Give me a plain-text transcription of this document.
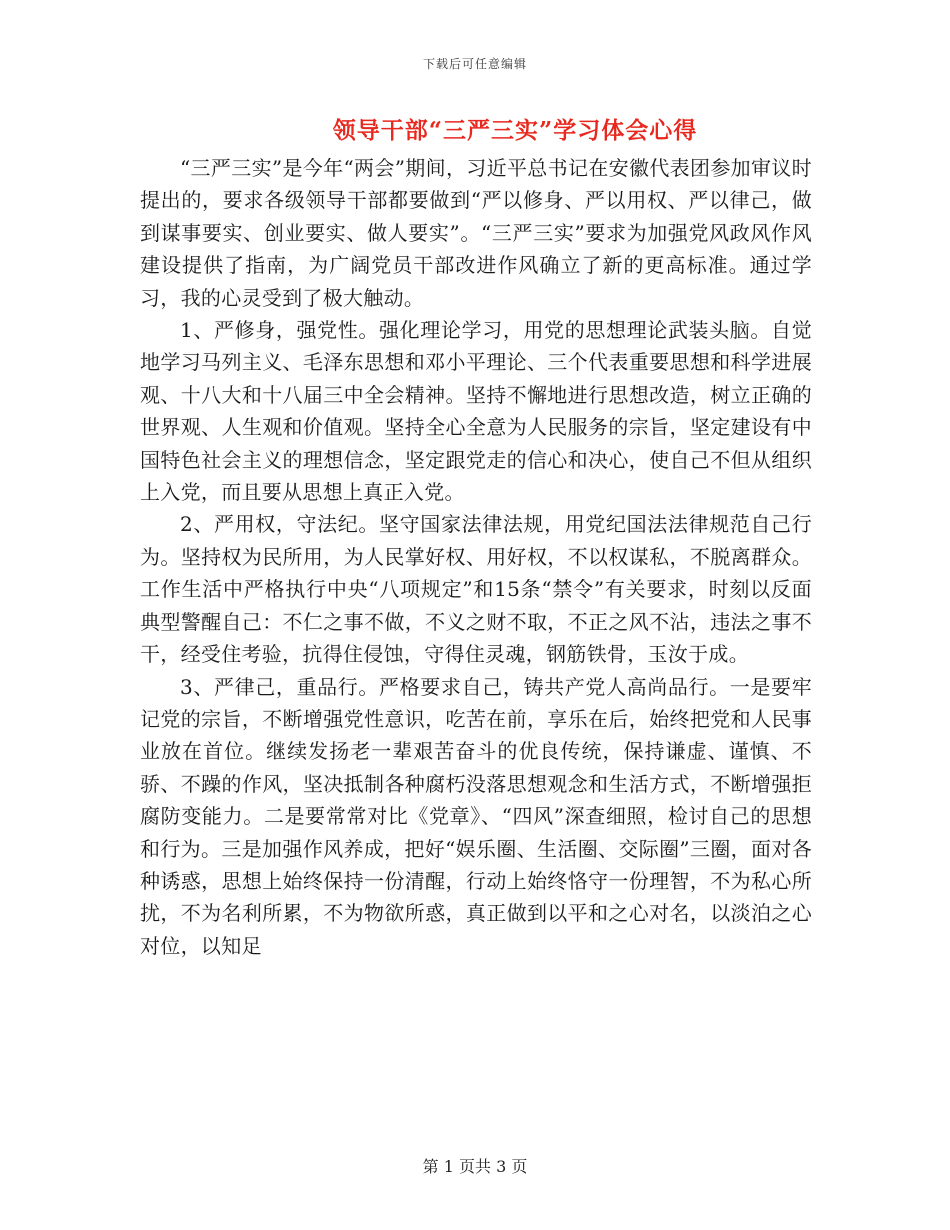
下载后可任意编辑
领导干部“三严三实”学习体会心得

“三严三实”是今年“两会”期间，习近平总书记在安徽代表团参加审议时提出的，要求各级领导干部都要做到“严以修身、严以用权、严以律己，做到谋事要实、创业要实、做人要实”。“三严三实”要求为加强党风政风作风建设提供了指南，为广阔党员干部改进作风确立了新的更高标准。通过学习，我的心灵受到了极大触动。

1、严修身，强党性。强化理论学习，用党的思想理论武装头脑。自觉地学习马列主义、毛泽东思想和邓小平理论、三个代表重要思想和科学进展观、十八大和十八届三中全会精神。坚持不懈地进行思想改造，树立正确的世界观、人生观和价值观。坚持全心全意为人民服务的宗旨，坚定建设有中国特色社会主义的理想信念，坚定跟党走的信心和决心，使自己不但从组织上入党，而且要从思想上真正入党。

2、严用权，守法纪。坚守国家法律法规，用党纪国法法律规范自己行为。坚持权为民所用，为人民掌好权、用好权，不以权谋私，不脱离群众。工作生活中严格执行中央“八项规定”和15条“禁令”有关要求，时刻以反面典型警醒自己：不仁之事不做，不义之财不取，不正之风不沾，违法之事不干，经受住考验，抗得住侵蚀，守得住灵魂，钢筋铁骨，玉汝于成。

3、严律己，重品行。严格要求自己，铸共产党人高尚品行。一是要牢记党的宗旨，不断增强党性意识，吃苦在前，享乐在后，始终把党和人民事业放在首位。继续发扬老一辈艰苦奋斗的优良传统，保持谦虚、谨慎、不骄、不躁的作风，坚决抵制各种腐朽没落思想观念和生活方式，不断增强拒腐防变能力。二是要常常对比《党章》、“四风”深查细照，检讨自己的思想和行为。三是加强作风养成，把好“娱乐圈、生活圈、交际圈”三圈，面对各种诱惑，思想上始终保持一份清醒，行动上始终恪守一份理智，不为私心所扰，不为名利所累，不为物欲所惑，真正做到以平和之心对名，以淡泊之心对位，以知足

第 1 页共 3 页
